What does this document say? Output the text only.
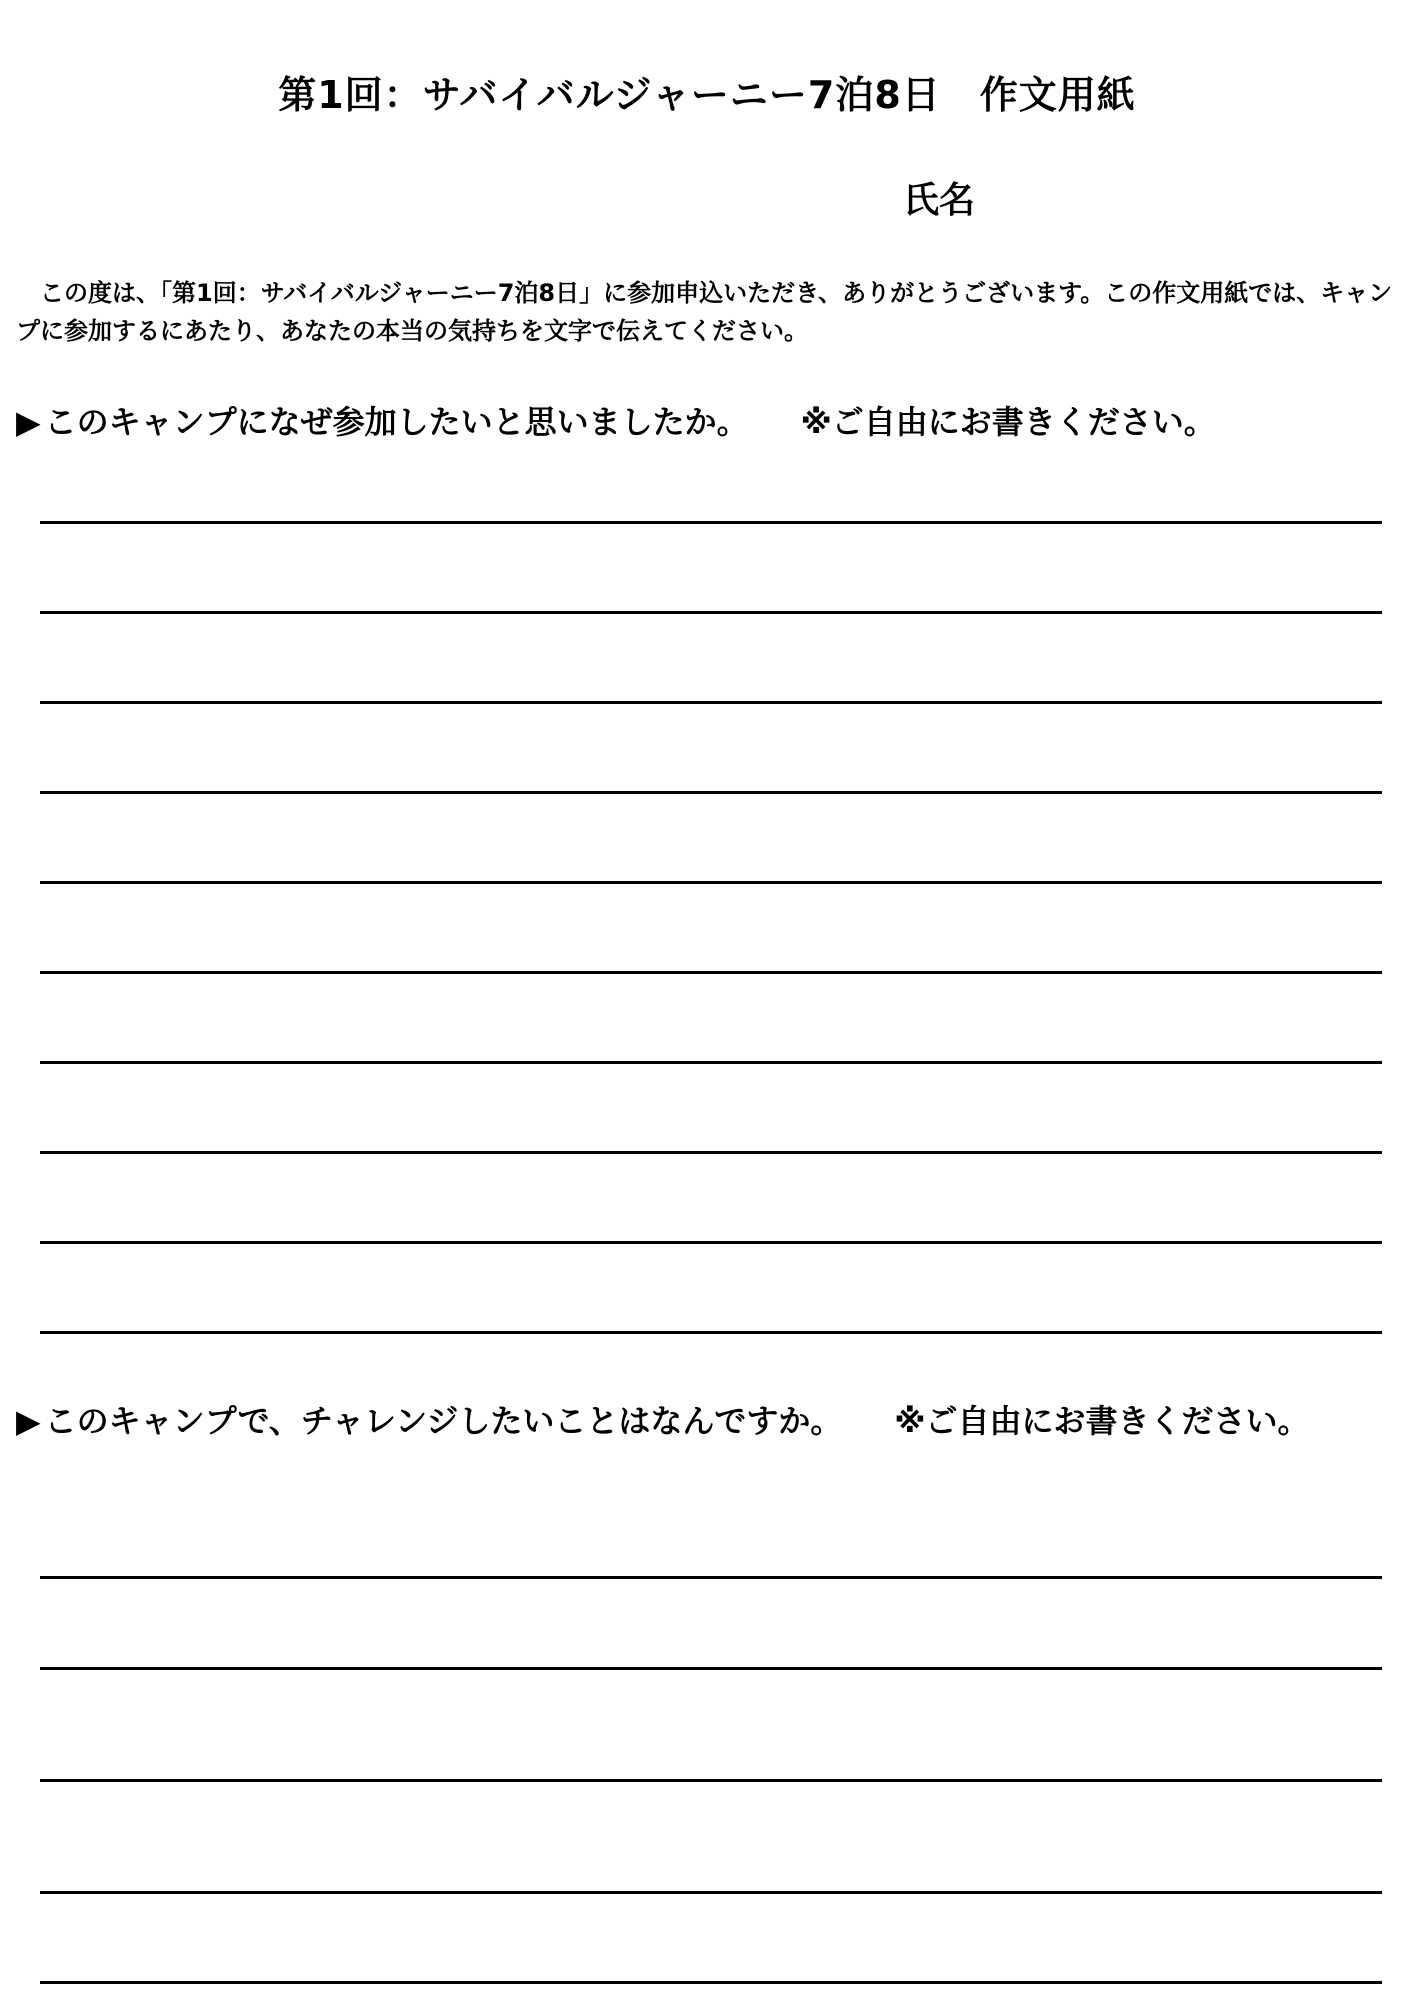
第1回：サバイバルジャーニー7泊8日　作文用紙
氏名

　この度は、「第1回：サバイバルジャーニー7泊8日」に参加申込いただき、ありがとうございます。この作文用紙では、キャンプに参加するにあたり、あなたの本当の気持ちを文字で伝えてください。

▶ このキャンプになぜ参加したいと思いましたか。 ※ご自由にお書きください。
▶ このキャンプで、チャレンジしたいことはなんですか。 ※ご自由にお書きください。
